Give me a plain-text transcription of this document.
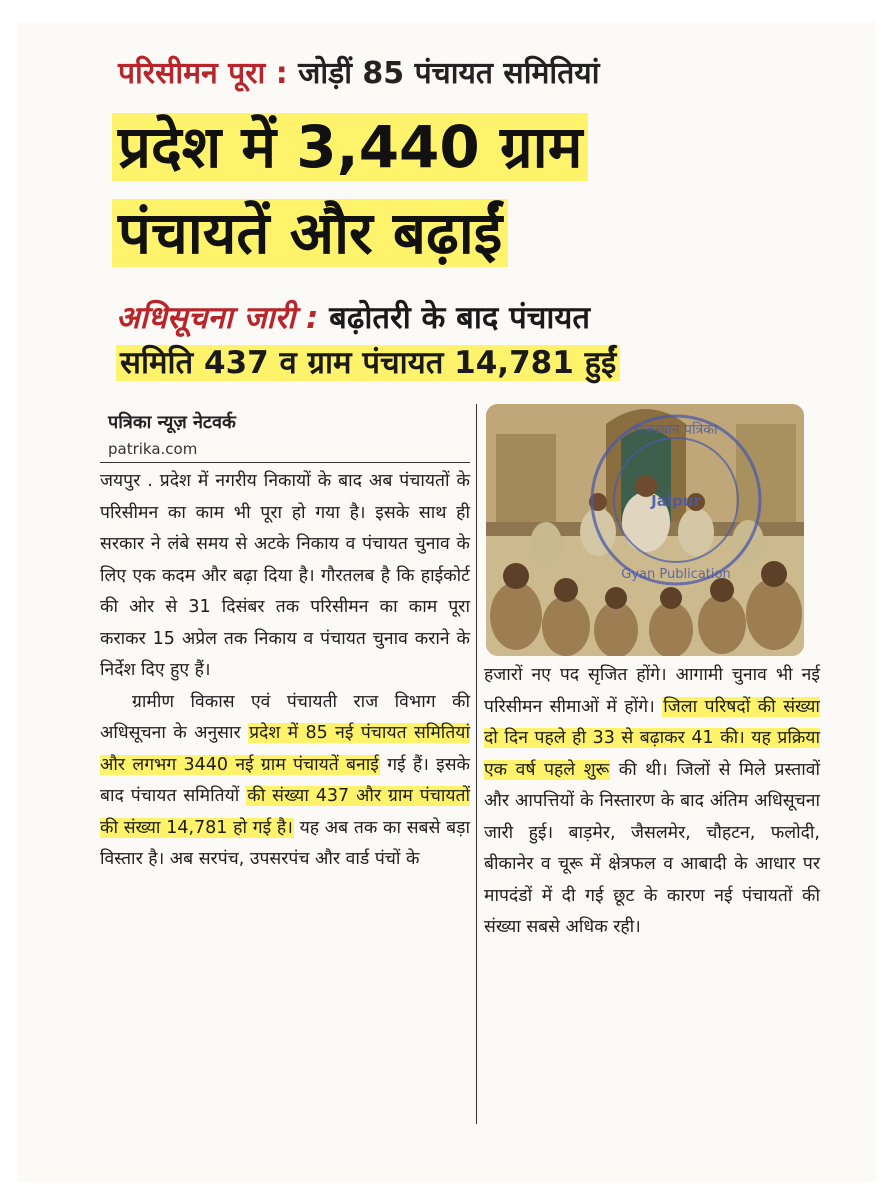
परिसीमन पूरा : जोड़ीं 85 पंचायत समितियां
प्रदेश में 3,440 ग्राम
पंचायतें और बढ़ाईं
अधिसूचना जारी : बढ़ोतरी के बाद पंचायत
समिति 437 व ग्राम पंचायत 14,781 हुईं
पत्रिका न्यूज़ नेटवर्क
patrika.com
राजस्थान पत्रिका
Jaipur
Gyan Publication

जयपुर . प्रदेश में नगरीय निकायों के बाद अब पंचायतों के परिसीमन का काम भी पूरा हो गया है। इसके साथ ही सरकार ने लंबे समय से अटके निकाय व पंचायत चुनाव के लिए एक कदम और बढ़ा दिया है। गौरतलब है कि हाईकोर्ट की ओर से 31 दिसंबर तक परिसीमन का काम पूरा कराकर 15 अप्रेल तक निकाय व पंचायत चुनाव कराने के निर्देश दिए हुए हैं।

ग्रामीण विकास एवं पंचायती राज विभाग की अधिसूचना के अनुसार प्रदेश में 85 नई पंचायत समितियां और लगभग 3440 नई ग्राम पंचायतें बनाई गई हैं। इसके बाद पंचायत समितियों की संख्या 437 और ग्राम पंचायतों की संख्या 14,781 हो गई है। यह अब तक का सबसे बड़ा विस्तार है। अब सरपंच, उपसरपंच और वार्ड पंचों के

हजारों नए पद सृजित होंगे। आगामी चुनाव भी नई परिसीमन सीमाओं में होंगे। जिला परिषदों की संख्या दो दिन पहले ही 33 से बढ़ाकर 41 की। यह प्रक्रिया एक वर्ष पहले शुरू की थी। जिलों से मिले प्रस्तावों और आपत्तियों के निस्तारण के बाद अंतिम अधिसूचना जारी हुई। बाड़मेर, जैसलमेर, चौहटन, फलोदी, बीकानेर व चूरू में क्षेत्रफल व आबादी के आधार पर मापदंडों में दी गई छूट के कारण नई पंचायतों की संख्या सबसे अधिक रही।
